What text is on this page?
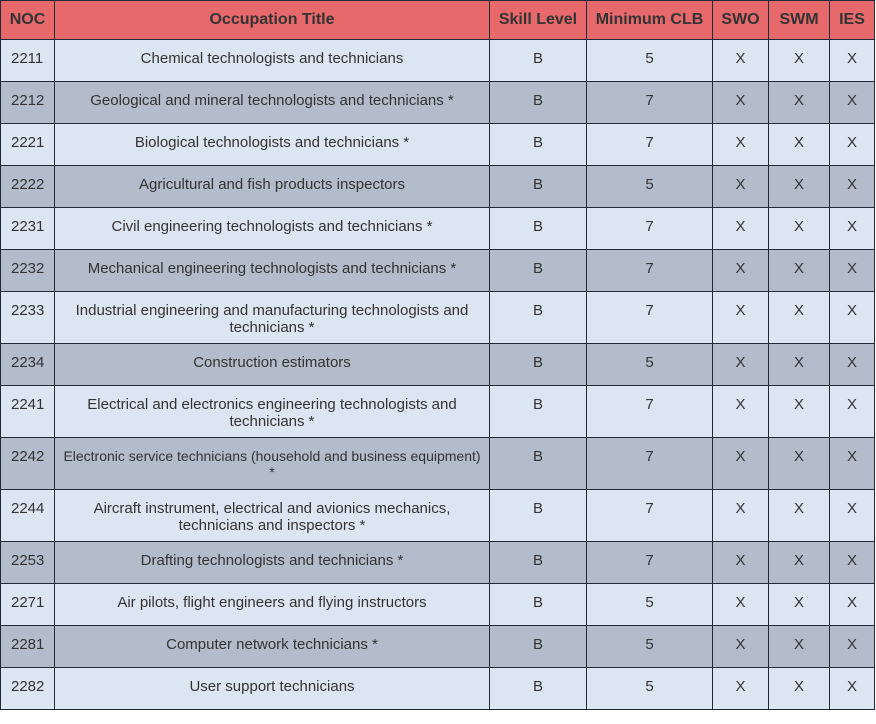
NOC	Occupation Title	Skill Level	Minimum CLB	SWO	SWM	IES
2211	Chemical technologists and technicians	B	5	X	X	X
2212	Geological and mineral technologists and technicians *	B	7	X	X	X
2221	Biological technologists and technicians *	B	7	X	X	X
2222	Agricultural and fish products inspectors	B	5	X	X	X
2231	Civil engineering technologists and technicians *	B	7	X	X	X
2232	Mechanical engineering technologists and technicians *	B	7	X	X	X
2233	Industrial engineering and manufacturing technologists and technicians *	B	7	X	X	X
2234	Construction estimators	B	5	X	X	X
2241	Electrical and electronics engineering technologists and technicians *	B	7	X	X	X
2242	Electronic service technicians (household and business equipment) *	B	7	X	X	X
2244	Aircraft instrument, electrical and avionics mechanics, technicians and inspectors *	B	7	X	X	X
2253	Drafting technologists and technicians *	B	7	X	X	X
2271	Air pilots, flight engineers and flying instructors	B	5	X	X	X
2281	Computer network technicians *	B	5	X	X	X
2282	User support technicians	B	5	X	X	X
